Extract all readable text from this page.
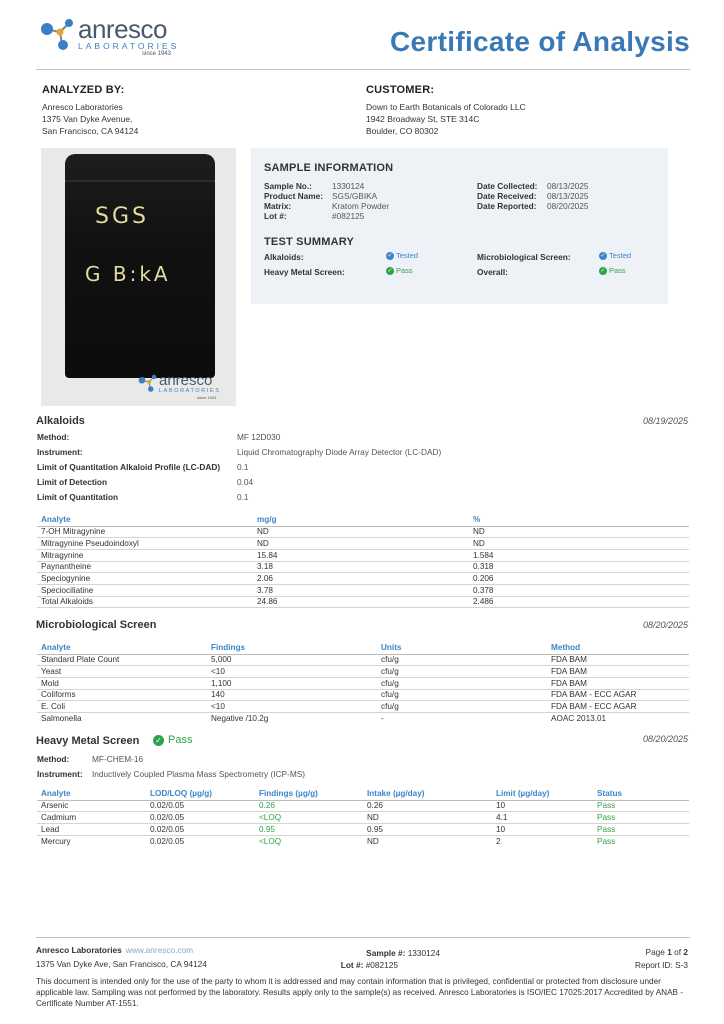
anresco
LABORATORIES
since 1943	Certificate of Analysis
ANALYZED BY:
Anresco Laboratories
1375 Van Dyke Avenue,
San Francisco, CA 94124
CUSTOMER:
Down to Earth Botanicals of Colorado LLC
1942 Broadway St, STE 314C
Boulder, CO 80302
SGS
G B:kA
anresco
LABORATORIES
since 1943
SAMPLE INFORMATION
Sample No.: 1330124
Product Name: SGS/GBIKA
Matrix:	Kratom Powder
Lot #:	#082125
Date Collected: 08/13/2025
Date Received: 08/13/2025
Date Reported: 08/20/2025
TEST SUMMARY
Alkaloids:	✓ Tested	Microbiological Screen:	✓ Tested
Heavy Metal Screen:	✓ Pass	Overall:	✓ Pass
Alkaloids	08/19/2025
Method:	MF 12D030
Instrument:	Liquid Chromatography Diode Array Detector (LC-DAD)
Limit of Quantitation Alkaloid Profile (LC-DAD) 0.1
Limit of Detection	0.04
Limit of Quantitation	0.1
Analyte	mg/g	%
7-OH Mitragynine	ND	ND
Mitragynine Pseudoindoxyl	ND	ND
Mitragynine	15.84	1.584
Paynantheine	3.18	0.318
Speciogynine	2.06	0.206
Speciociliatine	3.78	0.378
Total Alkaloids	24.86	2.486
Microbiological Screen	08/20/2025
Analyte	Findings	Units	Method
Standard Plate Count	5,000	cfu/g	FDA BAM
Yeast	<10	cfu/g	FDA BAM
Mold	1,100	cfu/g	FDA BAM
Coliforms	140	cfu/g	FDA BAM - ECC AGAR
E. Coli	<10	cfu/g	FDA BAM - ECC AGAR
Salmonella	Negative /10.2g	-	AOAC 2013.01
Heavy Metal Screen ✓ Pass	08/20/2025
Method:	MF-CHEM-16
Instrument: Inductively Coupled Plasma Mass Spectrometry (ICP-MS)
Analyte	LOD/LOQ (µg/g)	Findings (µg/g)	Intake (µg/day)	Limit (µg/day)	Status
Arsenic	0.02/0.05	0.26	0.26	10	Pass
Cadmium	0.02/0.05	<LOQ	ND	4.1	Pass
Lead	0.02/0.05	0.95	0.95	10	Pass
Mercury	0.02/0.05	<LOQ	ND	2	Pass
Anresco Laboratories www.anresco.com
1375 Van Dyke Ave, San Francisco, CA 94124
Sample #: 1330124
Lot #: #082125
Page 1 of 2
Report ID: S-3
This document is intended only for the use of the party to whom it is addressed and may contain information that is privileged, confidential or protected from disclosure under applicable law. Sampling was not performed by the laboratory. Results apply only to the sample(s) as received. Anresco Laboratories is ISO/IEC 17025:2017 Accredited by ANAB - Certificate Number AT-1551.
